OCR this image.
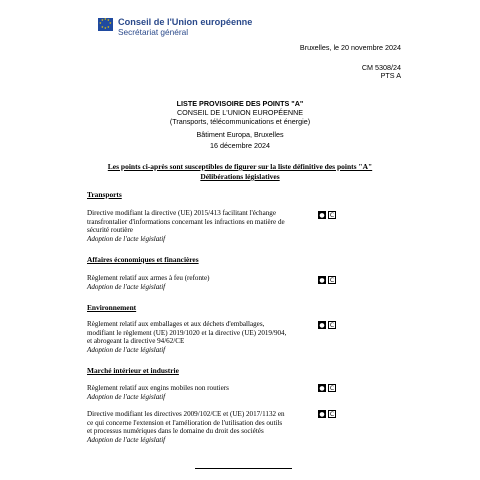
★ ★
★
★
★
★
★
★ Conseil de l'Union européenne
Secrétariat général
Bruxelles, le 20 novembre 2024
CM 5308/24
PTS A
LISTE PROVISOIRE DES POINTS "A"
CONSEIL DE L'UNION EUROPÉENNE
(Transports, télécommunications et énergie)
Bâtiment Europa, Bruxelles
16 décembre 2024
Les points ci-après sont susceptibles de figurer sur la liste définitive des points "A"
Délibérations législatives
Transports
Directive modifiant la directive (UE) 2015/413 facilitant l'échange
transfrontalier d'informations concernant les infractions en matière de
sécurité routière
Adoption de l'acte législatif
● C
Affaires économiques et financières
Règlement relatif aux armes à feu (refonte)
Adoption de l'acte législatif
● C
Environnement
Règlement relatif aux emballages et aux déchets d'emballages,
modifiant le règlement (UE) 2019/1020 et la directive (UE) 2019/904,
et abrogeant la directive 94/62/CE
Adoption de l'acte législatif
● C
Marché intérieur et industrie
Règlement relatif aux engins mobiles non routiers
Adoption de l'acte législatif
● C
Directive modifiant les directives 2009/102/CE et (UE) 2017/1132 en
ce qui concerne l'extension et l'amélioration de l'utilisation des outils
et processus numériques dans le domaine du droit des sociétés
Adoption de l'acte législatif
● C
